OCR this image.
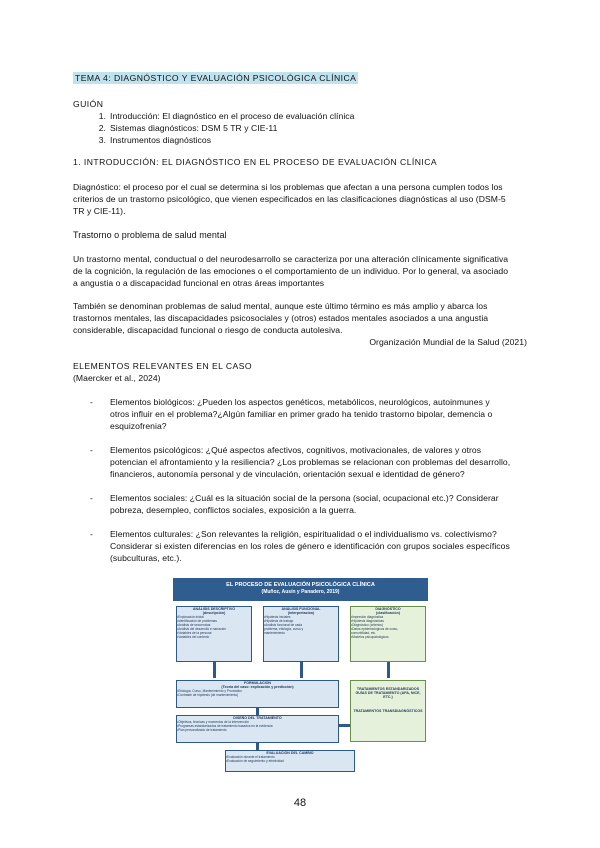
TEMA 4: DIAGNÓSTICO Y EVALUACIÓN PSICOLÓGICA CLÍNICA
GUIÓN
1. Introducción: El diagnóstico en el proceso de evaluación clínica
2. Sistemas diagnósticos: DSM 5 TR y CIE-11
3. Instrumentos diagnósticos
1. INTRODUCCIÓN: EL DIAGNÓSTICO EN EL PROCESO DE EVALUACIÓN CLÍNICA
Diagnóstico: el proceso por el cual se determina si los problemas que afectan a una persona cumplen todos los
criterios de un trastorno psicológico, que vienen especificados en las clasificaciones diagnósticas al uso (DSM-5
TR y CIE-11).
Trastorno o problema de salud mental
Un trastorno mental, conductual o del neurodesarrollo se caracteriza por una alteración clínicamente significativa
de la cognición, la regulación de las emociones o el comportamiento de un individuo. Por lo general, va asociado
a angustia o a discapacidad funcional en otras áreas importantes
También se denominan problemas de salud mental, aunque este último término es más amplio y abarca los
trastornos mentales, las discapacidades psicosociales y (otros) estados mentales asociados a una angustia
considerable, discapacidad funcional o riesgo de conducta autolesiva.
Organización Mundial de la Salud (2021)
ELEMENTOS RELEVANTES EN EL CASO
(Maercker et al., 2024)
- Elementos biológicos: ¿Pueden los aspectos genéticos, metabólicos, neurológicos, autoinmunes y
otros influir en el problema?¿Algún familiar en primer grado ha tenido trastorno bipolar, demencia o
esquizofrenia?
- Elementos psicológicos: ¿Qué aspectos afectivos, cognitivos, motivacionales, de valores y otros
potencian el afrontamiento y la resiliencia? ¿Los problemas se relacionan con problemas del desarrollo,
financieros, autonomía personal y de vinculación, orientación sexual e identidad de género?
- Elementos sociales: ¿Cuál es la situación social de la persona (social, ocupacional etc.)? Considerar
pobreza, desempleo, conflictos sociales, exposición a la guerra.
- Elementos culturales: ¿Son relevantes la religión, espiritualidad o el individualismo vs. colectivismo?
Considerar si existen diferencias en los roles de género e identificación con grupos sociales específicos
(subculturas, etc.).
EL PROCESO DE EVALUACIÓN PSICOLÓGICA CLÍNICA
(Muñoz, Ausín y Panadero, 2019)
ANÁLISIS DESCRIPTIVO
(descripción)
•Exploración inicial
•Identificación de problemas
•Análisis de secuencias
•Análisis del desarrollo e narración
•Variables de la persona
•Variables del contexto
ANÁLISIS FUNCIONAL
(interpretación)
•Hipótesis iniciales
•Hipótesis de trabajo
•Análisis funcional de cada
problema, etiología, curso y
mantenimiento
DIAGNÓSTICO
(clasificación)
•Impresión diagnóstica
•Hipótesis diagnósticas
•Diagnóstico (criterios)
•Datos epidemiológicos de curso,
comorbilidad, etc.
•Modelos psicopatológicos
FORMULACIÓN
(Teoría del caso: explicación y predicción)
•Etiología, Curso, Mantenimiento y Pronóstico
•Contraste de hipótesis (de mantenimiento)
TRATAMIENTOS ESTANDARIZADOS GUÍAS DE TRATAMIENTO (APA, NICE, ETC.)
TRATAMIENTOS TRANSDIAGNÓSTICOS
DISEÑO DEL TRATAMIENTO
•Objetivos, técnicas y momentos de la intervención
•Programas estandarizados de tratamiento basados en la evidencia
•Plan personalizado de tratamiento
EVALUACIÓN DEL CAMBIO
•Evaluación durante el tratamiento
•Evaluación de seguimiento y efectividad
48
